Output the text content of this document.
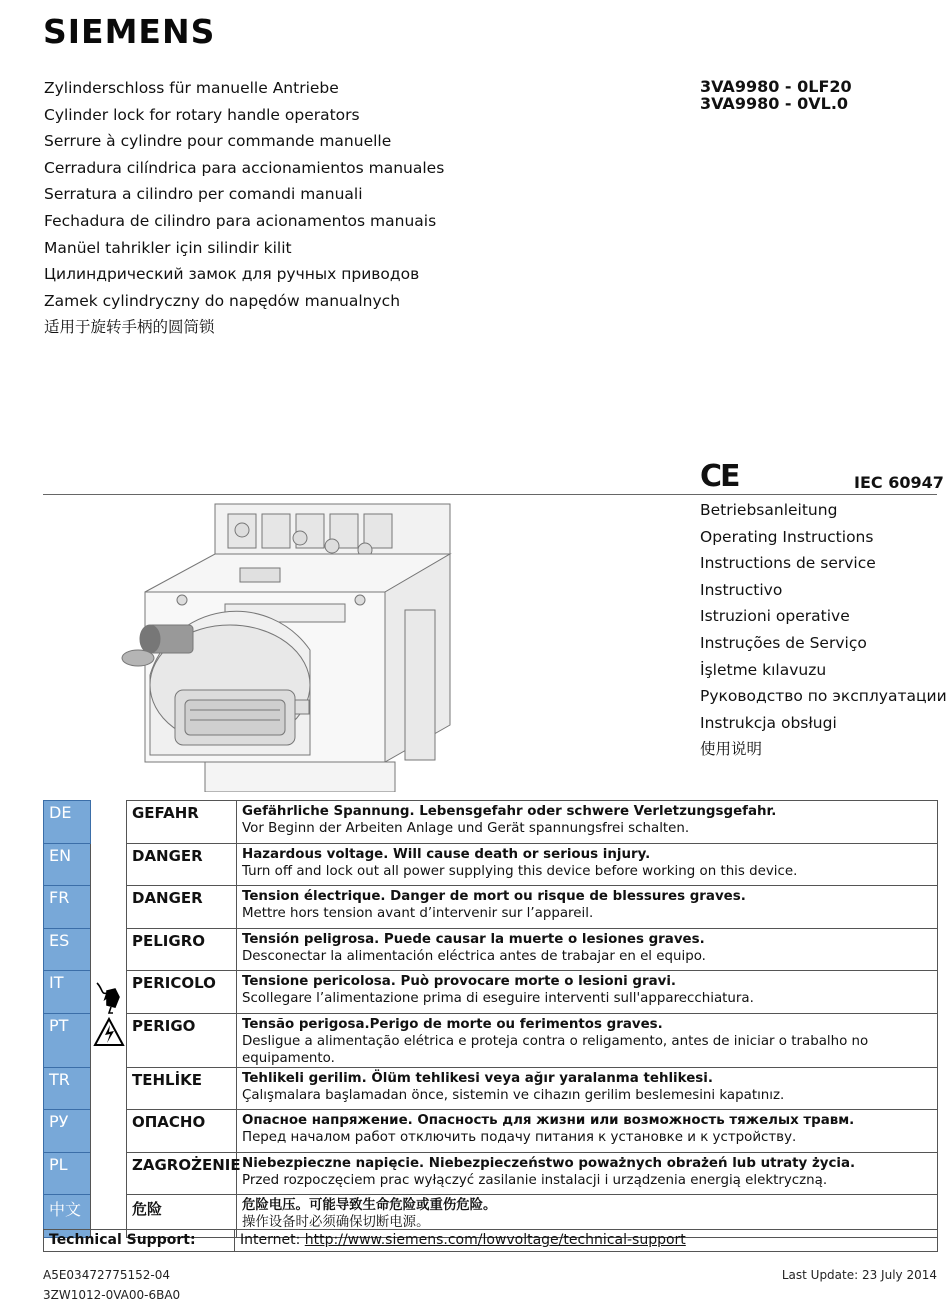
SIEMENS
Zylinderschloss für manuelle Antriebe
Cylinder lock for rotary handle operators
Serrure à cylindre pour commande manuelle
Cerradura cilíndrica para accionamientos manuales
Serratura a cilindro per comandi manuali
Fechadura de cilindro para acionamentos manuais
Manüel tahrikler için silindir kilit
Цилиндрический замок для ручных приводов
Zamek cylindryczny do napędów manualnych
适用于旋转手柄的圆筒锁
3VA9980 - 0LF20
3VA9980 - 0VL.0
CE	IEC 60947
Betriebsanleitung
Operating Instructions
Instructions de service
Instructivo
Istruzioni operative
Instruções de Serviço
İşletme kılavuzu
Руководство по эксплуатации
Instrukcja obsługi
使用说明
DE		GEFAHR	Gefährliche Spannung. Lebensgefahr oder schwere Verletzungsgefahr.
Vor Beginn der Arbeiten Anlage und Gerät spannungsfrei schalten.

EN		DANGER	Hazardous voltage. Will cause death or serious injury.
Turn off and lock out all power supplying this device before working on this device.

FR		DANGER	Tension électrique. Danger de mort ou risque de blessures graves.
Mettre hors tension avant d’intervenir sur l’appareil.

ES		PELIGRO	Tensión peligrosa. Puede causar la muerte o lesiones graves.
Desconectar la alimentación eléctrica antes de trabajar en el equipo.

IT		PERICOLO	Tensione pericolosa. Può provocare morte o lesioni gravi.
Scollegare l’alimentazione prima di eseguire interventi sull'apparecchiatura.

PT		PERIGO	Tensão perigosa.Perigo de morte ou ferimentos graves.
Desligue a alimentação elétrica e proteja contra o religamento, antes de iniciar o trabalho no equipamento.

TR		TEHLİKE	Tehlikeli gerilim. Ölüm tehlikesi veya ağır yaralanma tehlikesi.
Çalışmalara başlamadan önce, sistemin ve cihazın gerilim beslemesini kapatınız.

РУ		ОПАСНО	Опасное напряжение. Опасность для жизни или возможность тяжелых травм.
Перед началом работ отключить подачу питания к установке и к устройству.

PL		ZAGROŻENIE	Niebezpieczne napięcie. Niebezpieczeństwo poważnych obrażeń lub utraty życia.
Przed rozpoczęciem prac wyłączyć zasilanie instalacji i urządzenia energią elektryczną.

中文		危险	危险电压。可能导致生命危险或重伤危险。
操作设备时必须确保切断电源。
Technical Support:	Internet: http://www.siemens.com/lowvoltage/technical-support
A5E03472775152-04
3ZW1012-0VA00-6BA0
Last Update: 23 July 2014
